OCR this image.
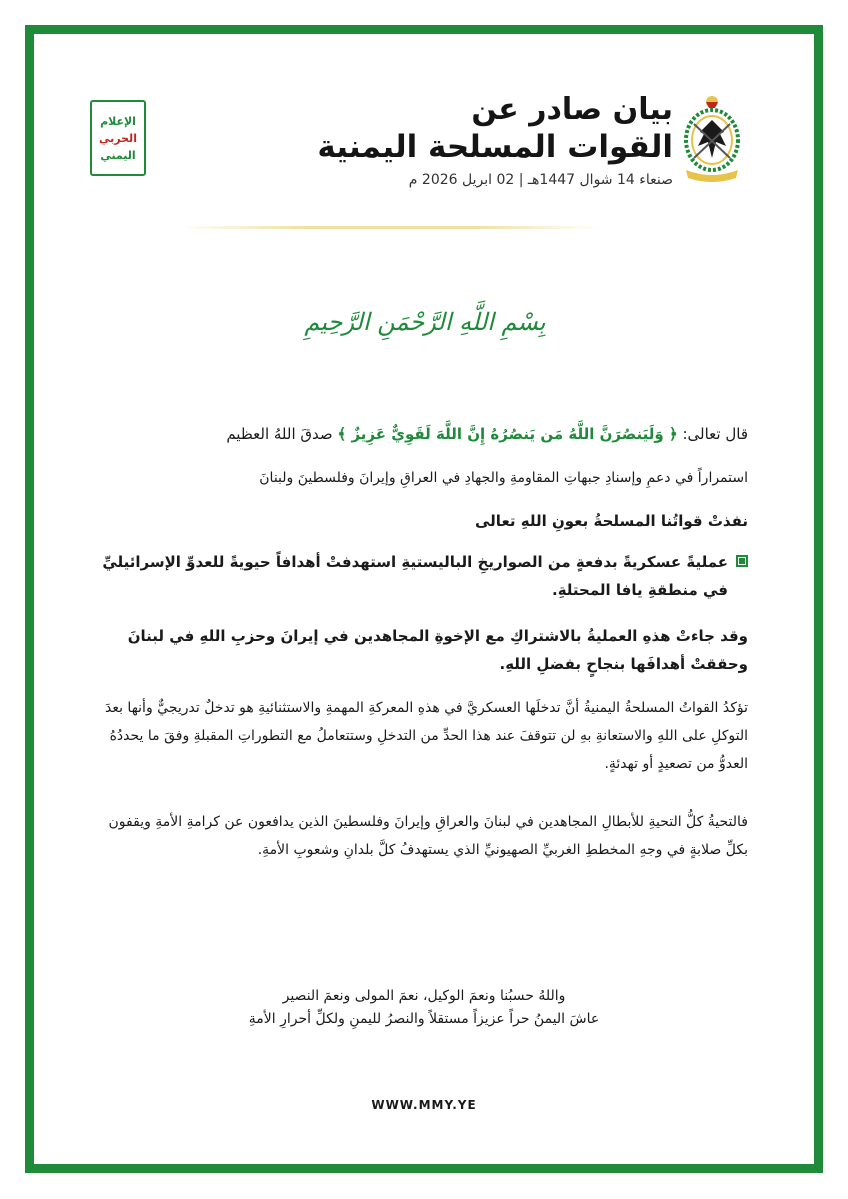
بيان صادر عن
القوات المسلحة اليمنية
صنعاء 14 شوال 1447هـ | 02 ابريل 2026 م
الإعلام
الحربي
اليمني
بِسْمِ اللَّهِ الرَّحْمَنِ الرَّحِيمِ
قال تعالى: ﴿ وَلَيَنصُرَنَّ اللَّهُ مَن يَنصُرُهُ إِنَّ اللَّهَ لَقَوِيٌّ عَزِيزٌ ﴾ صدقَ اللهُ العظيم
استمراراً في دعمِ وإسنادِ جبهاتِ المقاومةِ والجهادِ في العراقِ وإيرانَ وفلسطينَ ولبنانَ
نفذتْ قواتُنا المسلحةُ بعونِ اللهِ تعالى
عمليةً عسكريةً بدفعةٍ من الصواريخِ الباليستيةِ استهدفتْ أهدافاً حيويةً للعدوِّ الإسرائيليِّ في منطقةِ يافا المحتلةِ.
وقد جاءتْ هذهِ العمليةُ بالاشتراكِ مع الإخوةِ المجاهدين في إيرانَ وحزبِ اللهِ في لبنانَ وحققتْ أهدافَها بنجاحٍ بفضلِ اللهِ.
تؤكدُ القواتُ المسلحةُ اليمنيةُ أنَّ تدخلَها العسكريَّ في هذهِ المعركةِ المهمةِ والاستثنائيةِ هو تدخلٌ تدريجيٌّ وأنها بعدَ التوكلِ على اللهِ والاستعانةِ بهِ لن تتوقفَ عند هذا الحدِّ من التدخلِ وستتعاملُ مع التطوراتِ المقبلةِ وفقَ ما يحددُهُ العدوُّ من تصعيدٍ أو تهدئةٍ.
فالتحيةُ كلُّ التحيةِ للأبطالِ المجاهدين في لبنانَ والعراقِ وإيرانَ وفلسطينَ الذين يدافعون عن كرامةِ الأمةِ ويقفون بكلِّ صلابةٍ في وجهِ المخططِ الغربيِّ الصهيونيِّ الذي يستهدفُ كلَّ بلدانِ وشعوبِ الأمةِ.
واللهُ حسبُنا ونعمَ الوكيل، نعمَ المولى ونعمَ النصير
عاشَ اليمنُ حراً عزيزاً مستقلاً والنصرُ لليمنِ ولكلِّ أحرارِ الأمةِ
WWW.MMY.YE
